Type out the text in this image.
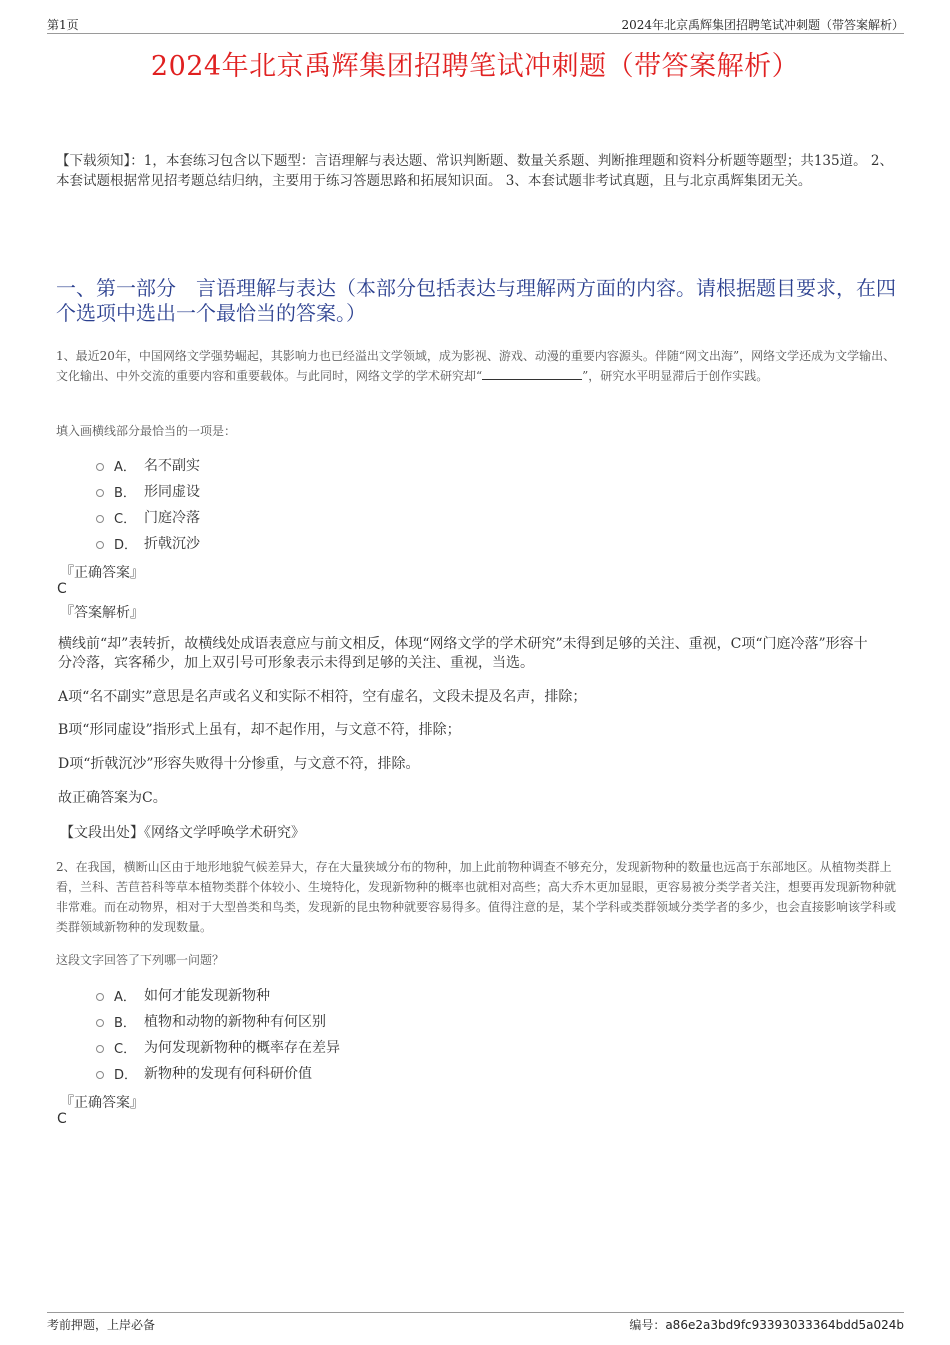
第1页	2024年北京禹辉集团招聘笔试冲刺题（带答案解析）
2024年北京禹辉集团招聘笔试冲刺题（带答案解析）
【下载须知】：1，本套练习包含以下题型：言语理解与表达题、常识判断题、数量关系题、判断推理题和资料分析题等题型；共135道。 2、本套试题根据常见招考题总结归纳，主要用于练习答题思路和拓展知识面。 3、本套试题非考试真题，且与北京禹辉集团无关。
一、第一部分　言语理解与表达（本部分包括表达与理解两方面的内容。请根据题目要求，在四个选项中选出一个最恰当的答案。）
1、最近20年，中国网络文学强势崛起，其影响力也已经溢出文学领域，成为影视、游戏、动漫的重要内容源头。伴随“网文出海”，网络文学还成为文学输出、文化输出、中外交流的重要内容和重要载体。与此同时，网络文学的学术研究却“	”，研究水平明显滞后于创作实践。
填入画横线部分最恰当的一项是：
A． 名不副实
B． 形同虚设
C． 门庭冷落
D． 折戟沉沙
『正确答案』
C
『答案解析』
横线前“却”表转折，故横线处成语表意应与前文相反，体现“网络文学的学术研究”未得到足够的关注、重视，C项“门庭冷落”形容十分冷落，宾客稀少，加上双引号可形象表示未得到足够的关注、重视，当选。
A项“名不副实”意思是名声或名义和实际不相符，空有虚名，文段未提及名声，排除；
B项“形同虚设”指形式上虽有，却不起作用，与文意不符，排除；
D项“折戟沉沙”形容失败得十分惨重，与文意不符，排除。
故正确答案为C。
【文段出处】《网络文学呼唤学术研究》
2、在我国，横断山区由于地形地貌气候差异大，存在大量狭域分布的物种，加上此前物种调查不够充分，发现新物种的数量也远高于东部地区。从植物类群上看，兰科、苦苣苔科等草本植物类群个体较小、生境特化，发现新物种的概率也就相对高些；高大乔木更加显眼，更容易被分类学者关注，想要再发现新物种就非常难。而在动物界，相对于大型兽类和鸟类，发现新的昆虫物种就要容易得多。值得注意的是，某个学科或类群领域分类学者的多少，也会直接影响该学科或类群领域新物种的发现数量。
这段文字回答了下列哪一问题？
A． 如何才能发现新物种
B． 植物和动物的新物种有何区别
C． 为何发现新物种的概率存在差异
D． 新物种的发现有何科研价值
『正确答案』
C
考前押题，上岸必备	编号：a86e2a3bd9fc93393033364bdd5a024b
